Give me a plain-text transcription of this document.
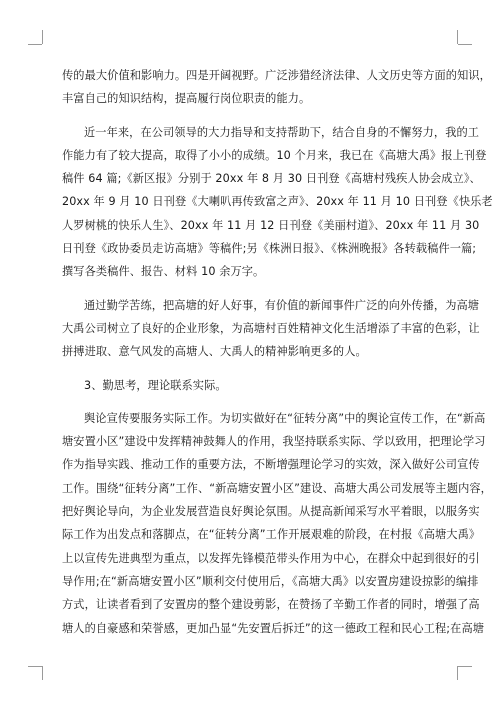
传的最大价值和影响力。四是开阔视野。广泛涉猎经济法律、人文历史等方面的知识，
丰富自己的知识结构，提高履行岗位职责的能力。
近一年来，在公司领导的大力指导和支持帮助下，结合自身的不懈努力，我的工
作能力有了较大提高，取得了小小的成绩。10 个月来，我已在《高塘大禹》报上刊登
稿件 64 篇;《新区报》分别于 20xx 年 8 月 30 日刊登《高塘村残疾人协会成立》、
20xx 年 9 月 10 日刊登《大喇叭再传致富之声》、20xx 年 11 月 10 日刊登《快乐老
人罗树桃的快乐人生》、20xx 年 11 月 12 日刊登《美丽村道》、20xx 年 11 月 30
日刊登《政协委员走访高塘》等稿件;另《株洲日报》、《株洲晚报》各转载稿件一篇;
撰写各类稿件、报告、材料 10 余万字。
通过勤学苦练，把高塘的好人好事，有价值的新闻事件广泛的向外传播，为高塘
大禹公司树立了良好的企业形象，为高塘村百姓精神文化生活增添了丰富的色彩，让
拼搏进取、意气风发的高塘人、大禹人的精神影响更多的人。
3、勤思考，理论联系实际。
舆论宣传要服务实际工作。为切实做好在“征转分离”中的舆论宣传工作，在“新高
塘安置小区”建设中发挥精神鼓舞人的作用，我坚持联系实际、学以致用，把理论学习
作为指导实践、推动工作的重要方法，不断增强理论学习的实效，深入做好公司宣传
工作。围绕“征转分离”工作、“新高塘安置小区”建设、高塘大禹公司发展等主题内容，
把好舆论导向，为企业发展营造良好舆论氛围。从提高新闻采写水平着眼，以服务实
际工作为出发点和落脚点，在“征转分离”工作开展艰难的阶段，在村报《高塘大禹》
上以宣传先进典型为重点，以发挥先锋模范带头作用为中心，在群众中起到很好的引
导作用;在“新高塘安置小区”顺利交付使用后，《高塘大禹》以安置房建设掠影的编排
方式，让读者看到了安置房的整个建设剪影，在赞扬了辛勤工作者的同时，增强了高
塘人的自豪感和荣誉感，更加凸显“先安置后拆迁”的这一德政工程和民心工程;在高塘
